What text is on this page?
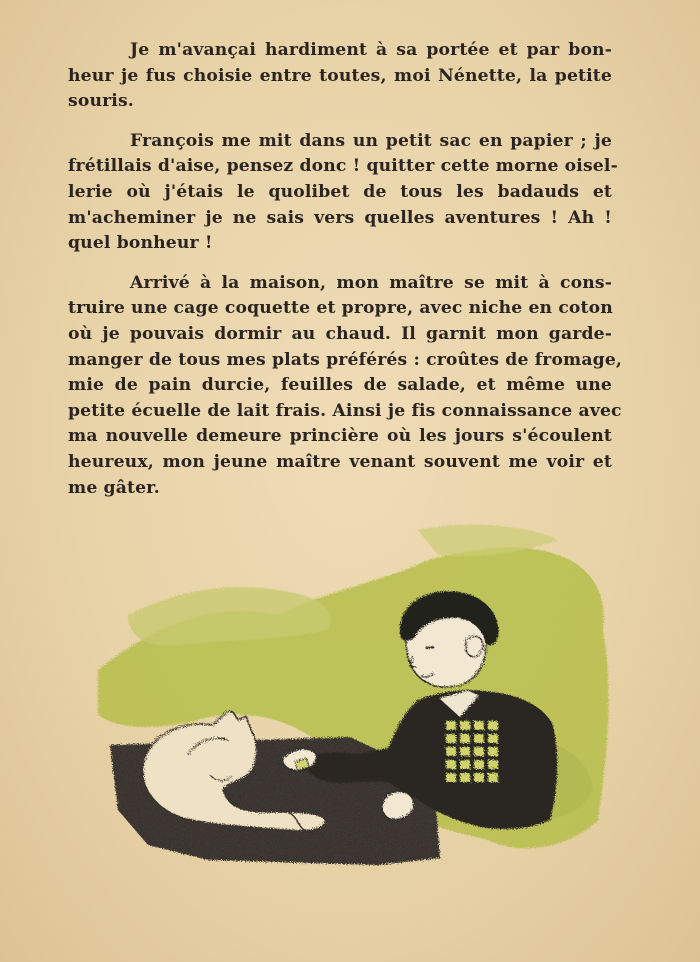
Je m'avançai hardiment à sa portée et par bon-
heur je fus choisie entre toutes, moi Nénette, la petite
souris.

François me mit dans un petit sac en papier ; je
frétillais d'aise, pensez donc ! quitter cette morne oisel-
lerie où j'étais le quolibet de tous les badauds et
m'acheminer je ne sais vers quelles aventures ! Ah !
quel bonheur !

Arrivé à la maison, mon maître se mit à cons-
truire une cage coquette et propre, avec niche en coton
où je pouvais dormir au chaud. Il garnit mon garde-
manger de tous mes plats préférés : croûtes de fromage,
mie de pain durcie, feuilles de salade, et même une
petite écuelle de lait frais. Ainsi je fis connaissance avec
ma nouvelle demeure princière où les jours s'écoulent
heureux, mon jeune maître venant souvent me voir et
me gâter.
